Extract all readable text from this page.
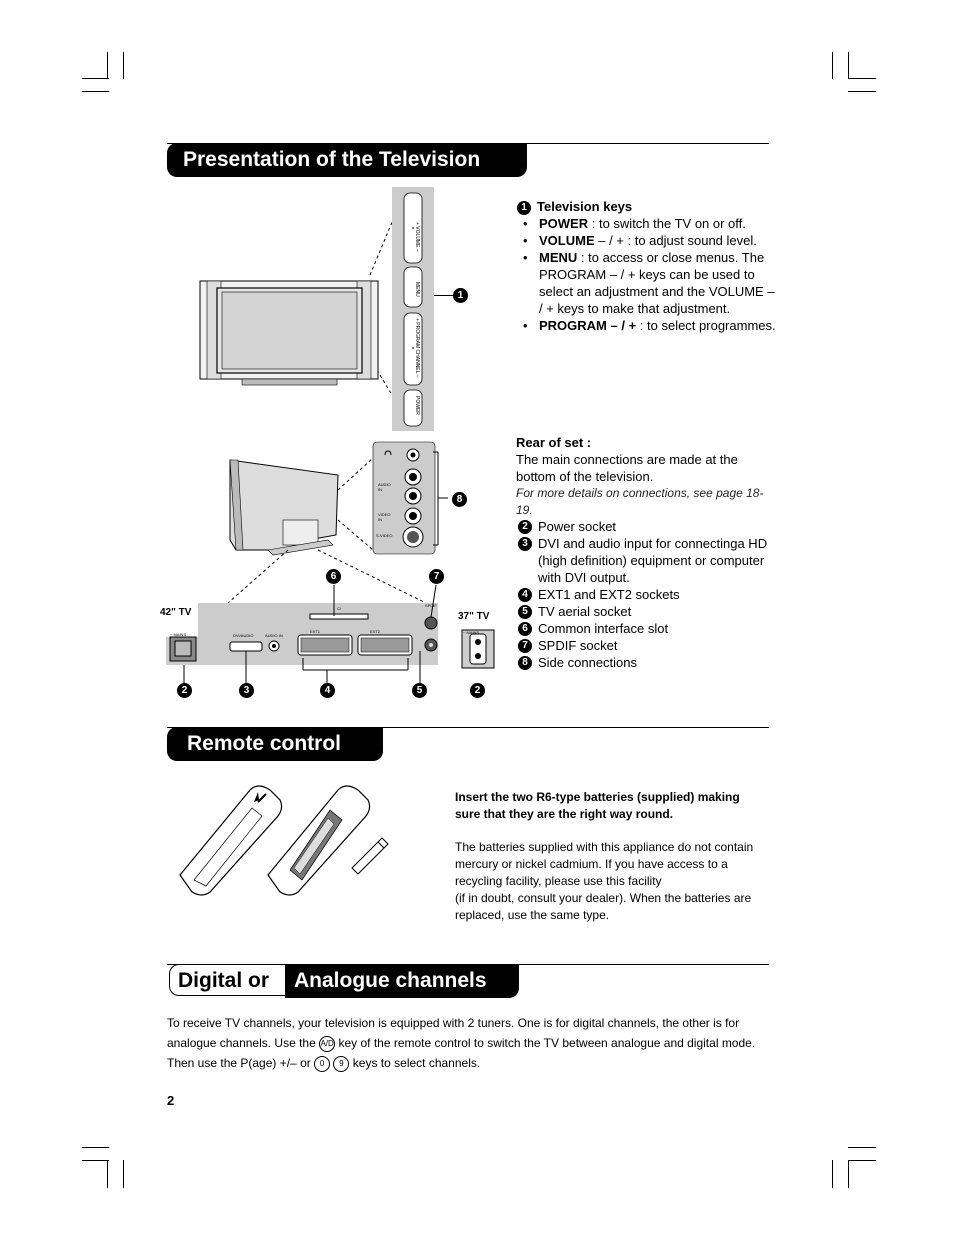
Presentation of the Television
+ VOLUME –
MENU
+ PROGRAM CHANNEL –
POWER
1
1 Television keys
• POWER : to switch the TV on or off.
• VOLUME – / + : to adjust sound level.
• MENU : to access or close menus. The PROGRAM – / + keys can be used to select an adjustment and the VOLUME – / + keys to make that adjustment.
• PROGRAM – / + : to select programmes.
42" TV	37" TV
~ MAINS	~ MAINS
DVI/AUDIO	AUDIO IN
EXT1	EXT2
CI
SPDIF
AUDIO IN
VIDEO IN
S-VIDEO
2	3	4	5	2
6	7
8
Rear of set :
The main connections are made at the bottom of the television.
For more details on connections, see page 18-19.
2 Power socket
3 DVI and audio input for connectinga HD (high definition) equipment or computer with DVI output.
4 EXT1 and EXT2 sockets
5 TV aerial socket
6 Common interface slot
7 SPDIF socket
8 Side connections
Remote control
Insert the two R6-type batteries (supplied) making sure that they are the right way round.
The batteries supplied with this appliance do not contain mercury or nickel cadmium. If you have access to a recycling facility, please use this facility
(if in doubt, consult your dealer). When the batteries are replaced, use the same type.
Digital or	Analogue channels
To receive TV channels, your television is equipped with 2 tuners. One is for digital channels, the other is for
analogue channels. Use the A/D key of the remote control to switch the TV between analogue and digital mode.
Then use the P(age) +/– or 0 9 keys to select channels.
2
